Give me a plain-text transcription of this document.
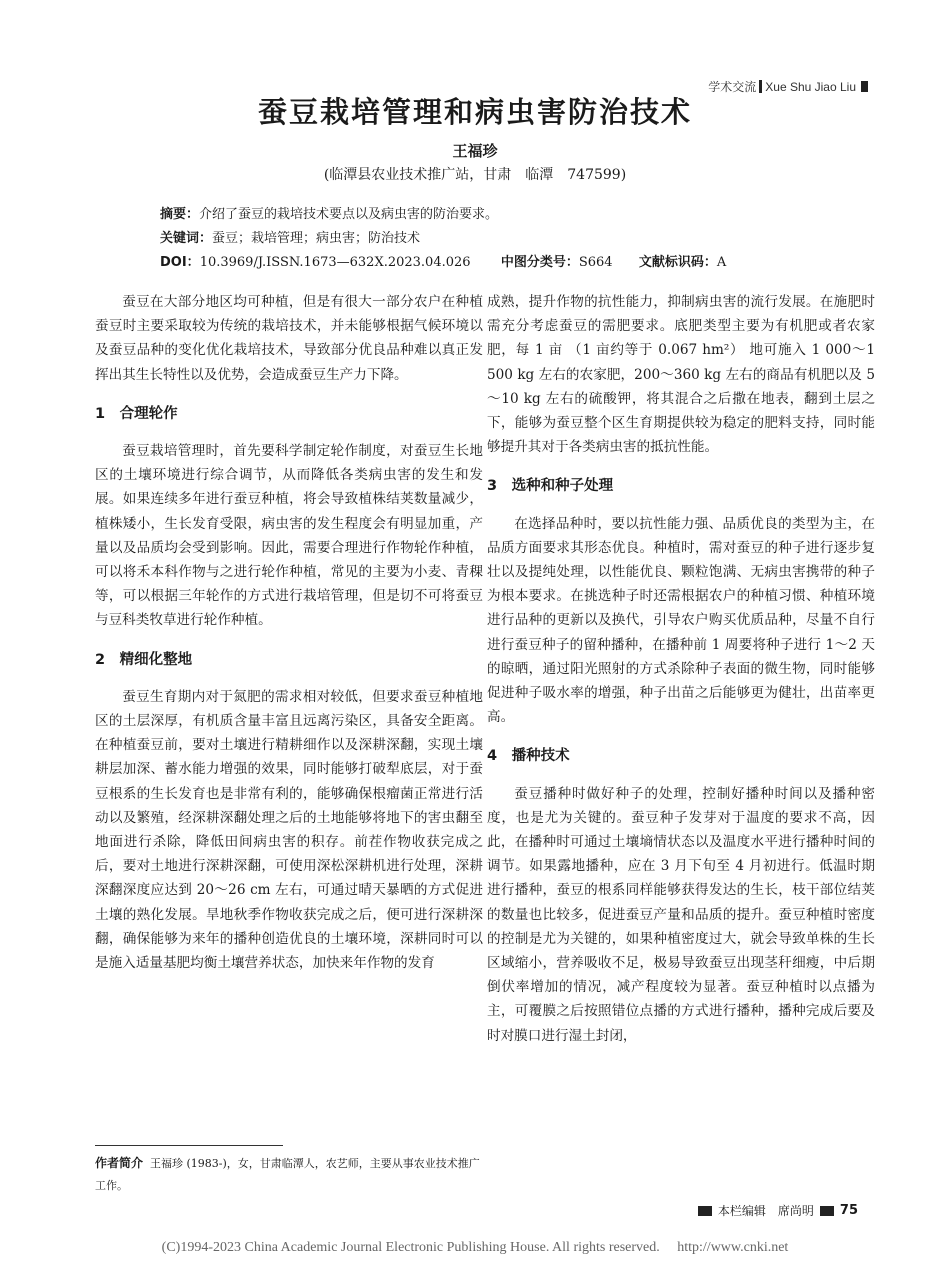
学术交流 Xue Shu Jiao Liu
蚕豆栽培管理和病虫害防治技术
王福珍
(临潭县农业技术推广站，甘肃　临潭　747599)
摘要：介绍了蚕豆的栽培技术要点以及病虫害的防治要求。
关键词：蚕豆；栽培管理；病虫害；防治技术
DOI：10.3969/J.ISSN.1673—632X.2023.04.026 中图分类号：S664 文献标识码：A

蚕豆在大部分地区均可种植，但是有很大一部分农户在种植蚕豆时主要采取较为传统的栽培技术，并未能够根据气候环境以及蚕豆品种的变化优化栽培技术，导致部分优良品种难以真正发挥出其生长特性以及优势，会造成蚕豆生产力下降。

1　合理轮作

蚕豆栽培管理时，首先要科学制定轮作制度，对蚕豆生长地区的土壤环境进行综合调节，从而降低各类病虫害的发生和发展。如果连续多年进行蚕豆种植，将会导致植株结荚数量减少，植株矮小，生长发育受限，病虫害的发生程度会有明显加重，产量以及品质均会受到影响。因此，需要合理进行作物轮作种植，可以将禾本科作物与之进行轮作种植，常见的主要为小麦、青稞等，可以根据三年轮作的方式进行栽培管理，但是切不可将蚕豆与豆科类牧草进行轮作种植。

2　精细化整地

蚕豆生育期内对于氮肥的需求相对较低，但要求蚕豆种植地区的土层深厚，有机质含量丰富且远离污染区，具备安全距离。在种植蚕豆前，要对土壤进行精耕细作以及深耕深翻，实现土壤耕层加深、蓄水能力增强的效果，同时能够打破犁底层，对于蚕豆根系的生长发育也是非常有利的，能够确保根瘤菌正常进行活动以及繁殖，经深耕深翻处理之后的土地能够将地下的害虫翻至地面进行杀除，降低田间病虫害的积存。前茬作物收获完成之后，要对土地进行深耕深翻，可使用深松深耕机进行处理，深耕深翻深度应达到 20～26 cm 左右，可通过晴天暴晒的方式促进土壤的熟化发展。旱地秋季作物收获完成之后，便可进行深耕深翻，确保能够为来年的播种创造优良的土壤环境，深耕同时可以是施入适量基肥均衡土壤营养状态，加快来年作物的发育

成熟，提升作物的抗性能力，抑制病虫害的流行发展。在施肥时需充分考虑蚕豆的需肥要求。底肥类型主要为有机肥或者农家肥，每 1 亩 （1 亩约等于 0.067 hm²） 地可施入 1 000～1 500 kg 左右的农家肥，200～360 kg 左右的商品有机肥以及 5～10 kg 左右的硫酸钾，将其混合之后撒在地表，翻到土层之下，能够为蚕豆整个区生育期提供较为稳定的肥料支持，同时能够提升其对于各类病虫害的抵抗性能。

3　选种和种子处理

在选择品种时，要以抗性能力强、品质优良的类型为主，在品质方面要求其形态优良。种植时，需对蚕豆的种子进行逐步复壮以及提纯处理，以性能优良、颗粒饱满、无病虫害携带的种子为根本要求。在挑选种子时还需根据农户的种植习惯、种植环境进行品种的更新以及换代，引导农户购买优质品种，尽量不自行进行蚕豆种子的留种播种，在播种前 1 周要将种子进行 1～2 天的晾晒，通过阳光照射的方式杀除种子表面的微生物，同时能够促进种子吸水率的增强，种子出苗之后能够更为健壮，出苗率更高。

4　播种技术

蚕豆播种时做好种子的处理，控制好播种时间以及播种密度，也是尤为关键的。蚕豆种子发芽对于温度的要求不高，因此，在播种时可通过土壤墒情状态以及温度水平进行播种时间的调节。如果露地播种，应在 3 月下旬至 4 月初进行。低温时期进行播种，蚕豆的根系同样能够获得发达的生长，枝干部位结荚的数量也比较多，促进蚕豆产量和品质的提升。蚕豆种植时密度的控制是尤为关键的，如果种植密度过大，就会导致单株的生长区域缩小，营养吸收不足，极易导致蚕豆出现茎秆细瘦，中后期倒伏率增加的情况，减产程度较为显著。蚕豆种植时以点播为主，可覆膜之后按照错位点播的方式进行播种，播种完成后要及时对膜口进行湿土封闭，

作者简介 王福珍 (1983-)，女，甘肃临潭人，农艺师，主要从事农业技术推广工作。
本栏编辑　席尚明 75
(C)1994-2023 China Academic Journal Electronic Publishing House. All rights reserved.　 http://www.cnki.net
